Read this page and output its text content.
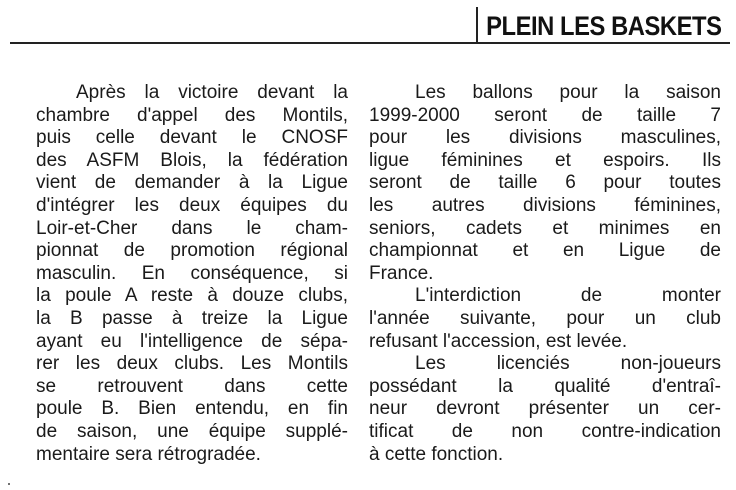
PLEIN LES BASKETS
Après la victoire devant la
chambre d'appel des Montils,
puis celle devant le CNOSF
des ASFM Blois, la fédération
vient de demander à la Ligue
d'intégrer les deux équipes du
Loir-et-Cher dans le cham-
pionnat de promotion régional
masculin. En conséquence, si
la poule A reste à douze clubs,
la B passe à treize la Ligue
ayant eu l'intelligence de sépa-
rer les deux clubs. Les Montils
se retrouvent dans cette
poule B. Bien entendu, en fin
de saison, une équipe supplé-
mentaire sera rétrogradée.
Les ballons pour la saison
1999-2000 seront de taille 7
pour les divisions masculines,
ligue féminines et espoirs. Ils
seront de taille 6 pour toutes
les autres divisions féminines,
seniors, cadets et minimes en
championnat et en Ligue de
France.
L'interdiction de monter
l'année suivante, pour un club
refusant l'accession, est levée.
Les licenciés non-joueurs
possédant la qualité d'entraî-
neur devront présenter un cer-
tificat de non contre-indication
à cette fonction.
